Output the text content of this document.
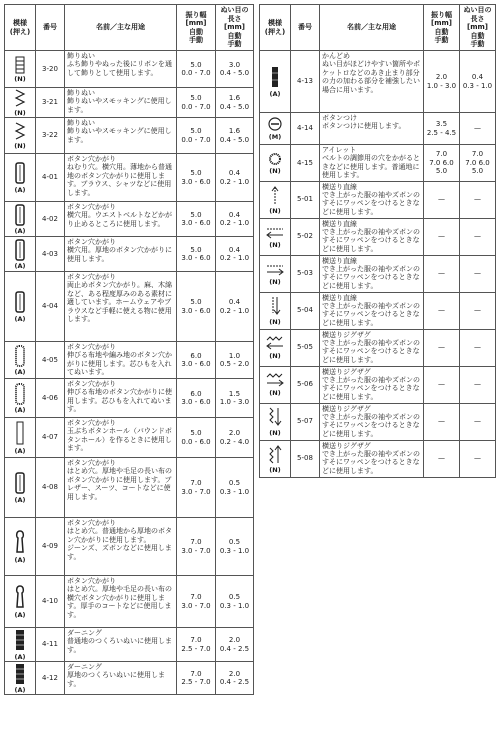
模様
(押え)	番号	名前／主な用途	振り幅
[mm]
自動
手動	ぬい目の
長さ
[mm]
自動
手動

(N)	3-20	飾りぬい
ふち飾りやぬった後にリボンを通して飾りとして使用します。	5.0
0.0 - 7.0	3.0
0.4 - 5.0

(N)	3-21	飾りぬい
飾りぬいやスモッキングに使用します。	5.0
0.0 - 7.0	1.6
0.4 - 5.0

(N)	3-22	飾りぬい
飾りぬいやスモッキングに使用します。	5.0
0.0 - 7.0	1.6
0.4 - 5.0

(A)	4-01	ボタン穴かがり
ねむり穴。横穴用。薄地から普通地のボタン穴かがりに使用します。ブラウス、シャツなどに使用します。	5.0
3.0 - 6.0	0.4
0.2 - 1.0

(A)	4-02	ボタン穴かがり
横穴用。ウエストベルトなどかがり止めるところに使用します。	5.0
3.0 - 6.0	0.4
0.2 - 1.0

(A)	4-03	ボタン穴かがり
横穴用。厚地のボタン穴かがりに使用します。	5.0
3.0 - 6.0	0.4
0.2 - 1.0

(A)	4-04	ボタン穴かがり
両止めボタン穴かがり。麻、木綿など、ある程度厚みのある素材に適しています。ホームウェアやブラウスなど手軽に使える物に使用します。	5.0
3.0 - 6.0	0.4
0.2 - 1.0

(A)	4-05	ボタン穴かがり
伸びる布地や編み地のボタン穴かがりに使用します。芯ひもを入れてぬいます。	6.0
3.0 - 6.0	1.0
0.5 - 2.0

(A)	4-06	ボタン穴かがり
伸びる布地のボタン穴かがりに使用します。芯ひもを入れてぬいます。	6.0
3.0 - 6.0	1.5
1.0 - 3.0

(A)	4-07	ボタン穴かがり
玉ぶちボタンホール（バウンドボタンホール）を作るときに使用します。	5.0
0.0 - 6.0	2.0
0.2 - 4.0

(A)	4-08	ボタン穴かがり
はとめ穴。厚地や毛足の長い布のボタン穴かがりに使用します。ブレザー、スーツ、コートなどに使用します。	7.0
3.0 - 7.0	0.5
0.3 - 1.0

(A)	4-09	ボタン穴かがり
はとめ穴。普通地から厚地のボタン穴かがりに使用します。
ジーンズ、ズボンなどに使用します。	7.0
3.0 - 7.0	0.5
0.3 - 1.0

(A)	4-10	ボタン穴かがり
はとめ穴。厚地や毛足の長い布の横穴ボタン穴かがりに使用します。厚手のコートなどに使用します。	7.0
3.0 - 7.0	0.5
0.3 - 1.0

(A)	4-11	ダーニング
普通地のつくろいぬいに使用します。	7.0
2.5 - 7.0	2.0
0.4 - 2.5

(A)	4-12	ダーニング
厚地のつくろいぬいに使用します。	7.0
2.5 - 7.0	2.0
0.4 - 2.5
模様
(押え)	番号	名前／主な用途	振り幅
[mm]
自動
手動	ぬい目の
長さ
[mm]
自動
手動

(A)	4-13	かんどめ
ぬい目がほどけやすい箇所やポケットロなどのあき止まり部分の力の加わる部分を補強したい場合に用います。	2.0
1.0 - 3.0	0.4
0.3 - 1.0

(M)	4-14	ボタンつけ
ボタンつけに使用します。	3.5
2.5 - 4.5	—

(N)	4-15	アイレット
ベルトの調節用の穴をかがるときなどに使用します。普通地に使用します。	7.0
7.0 6.0 5.0	7.0
7.0 6.0 5.0

(N)	5-01	横送り直線
でき上がった服の袖やズボンのすそにワッペンをつけるときなどに使用します。	—	—

(N)	5-02	横送り直線
でき上がった服の袖やズボンのすそにワッペンをつけるときなどに使用します。	—	—

(N)	5-03	横送り直線
でき上がった服の袖やズボンのすそにワッペンをつけるときなどに使用します。	—	—

(N)	5-04	横送り直線
でき上がった服の袖やズボンのすそにワッペンをつけるときなどに使用します。	—	—

(N)	5-05	横送りジグザグ
でき上がった服の袖やズボンのすそにワッペンをつけるときなどに使用します。	—	—

(N)	5-06	横送りジグザグ
でき上がった服の袖やズボンのすそにワッペンをつけるときなどに使用します。	—	—

(N)	5-07	横送りジグザグ
でき上がった服の袖やズボンのすそにワッペンをつけるときなどに使用します。	—	—

(N)	5-08	横送りジグザグ
でき上がった服の袖やズボンのすそにワッペンをつけるときなどに使用します。	—	—
